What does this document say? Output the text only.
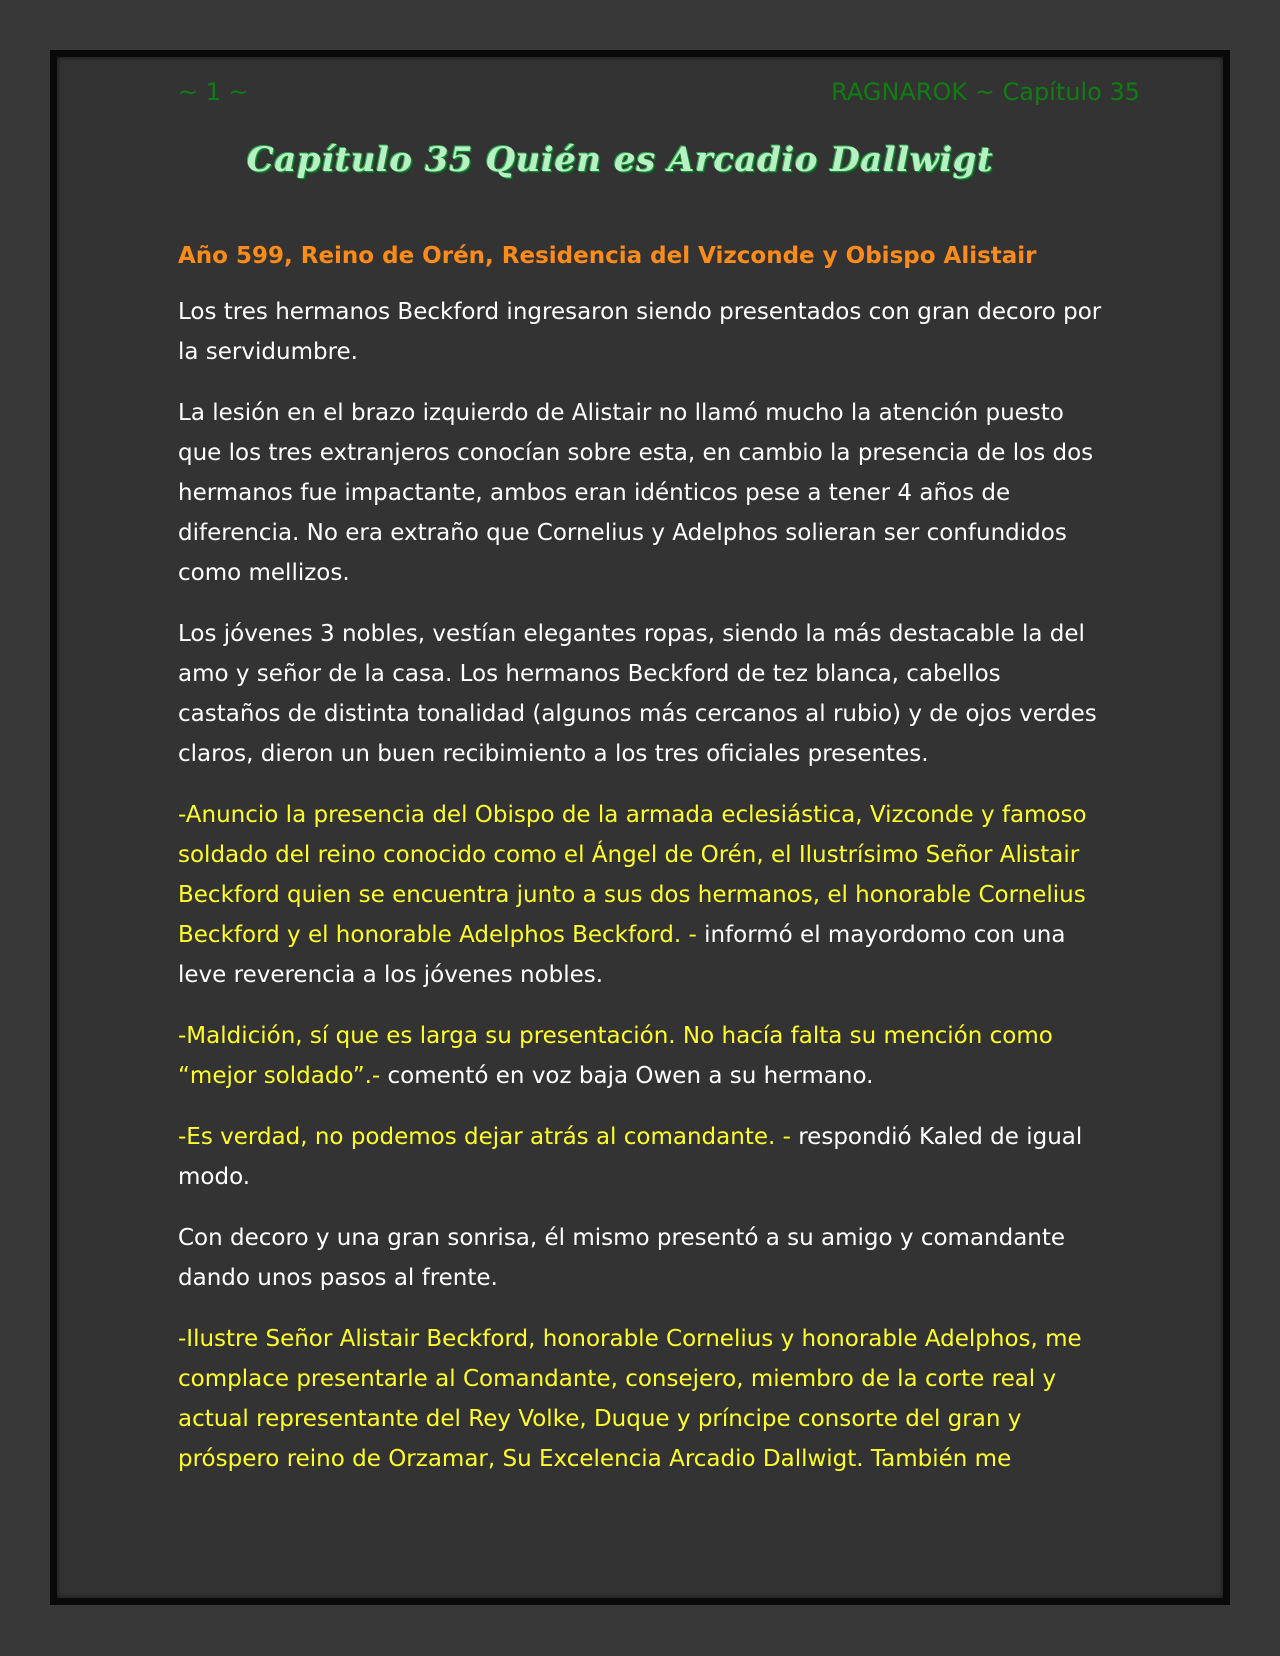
~ 1 ~	RAGNAROK ~ Capítulo 35
Capítulo 35 Quién es Arcadio Dallwigt

Año 599, Reino de Orén, Residencia del Vizconde y Obispo Alistair

Los tres hermanos Beckford ingresaron siendo presentados con gran decoro por la servidumbre.

La lesión en el brazo izquierdo de Alistair no llamó mucho la atención puesto que los tres extranjeros conocían sobre esta, en cambio la presencia de los dos hermanos fue impactante, ambos eran idénticos pese a tener 4 años de diferencia. No era extraño que Cornelius y Adelphos solieran ser confundidos como mellizos.

Los jóvenes 3 nobles, vestían elegantes ropas, siendo la más destacable la del amo y señor de la casa. Los hermanos Beckford de tez blanca, cabellos castaños de distinta tonalidad (algunos más cercanos al rubio) y de ojos verdes claros, dieron un buen recibimiento a los tres oficiales presentes.

-Anuncio la presencia del Obispo de la armada eclesiástica, Vizconde y famoso soldado del reino conocido como el Ángel de Orén, el Ilustrísimo Señor Alistair Beckford quien se encuentra junto a sus dos hermanos, el honorable Cornelius Beckford y el honorable Adelphos Beckford. - informó el mayordomo con una leve reverencia a los jóvenes nobles.

-Maldición, sí que es larga su presentación. No hacía falta su mención como “mejor soldado”.- comentó en voz baja Owen a su hermano.

-Es verdad, no podemos dejar atrás al comandante. - respondió Kaled de igual modo.

Con decoro y una gran sonrisa, él mismo presentó a su amigo y comandante dando unos pasos al frente.

-Ilustre Señor Alistair Beckford, honorable Cornelius y honorable Adelphos, me complace presentarle al Comandante, consejero, miembro de la corte real y actual representante del Rey Volke, Duque y príncipe consorte del gran y próspero reino de Orzamar, Su Excelencia Arcadio Dallwigt. También me
